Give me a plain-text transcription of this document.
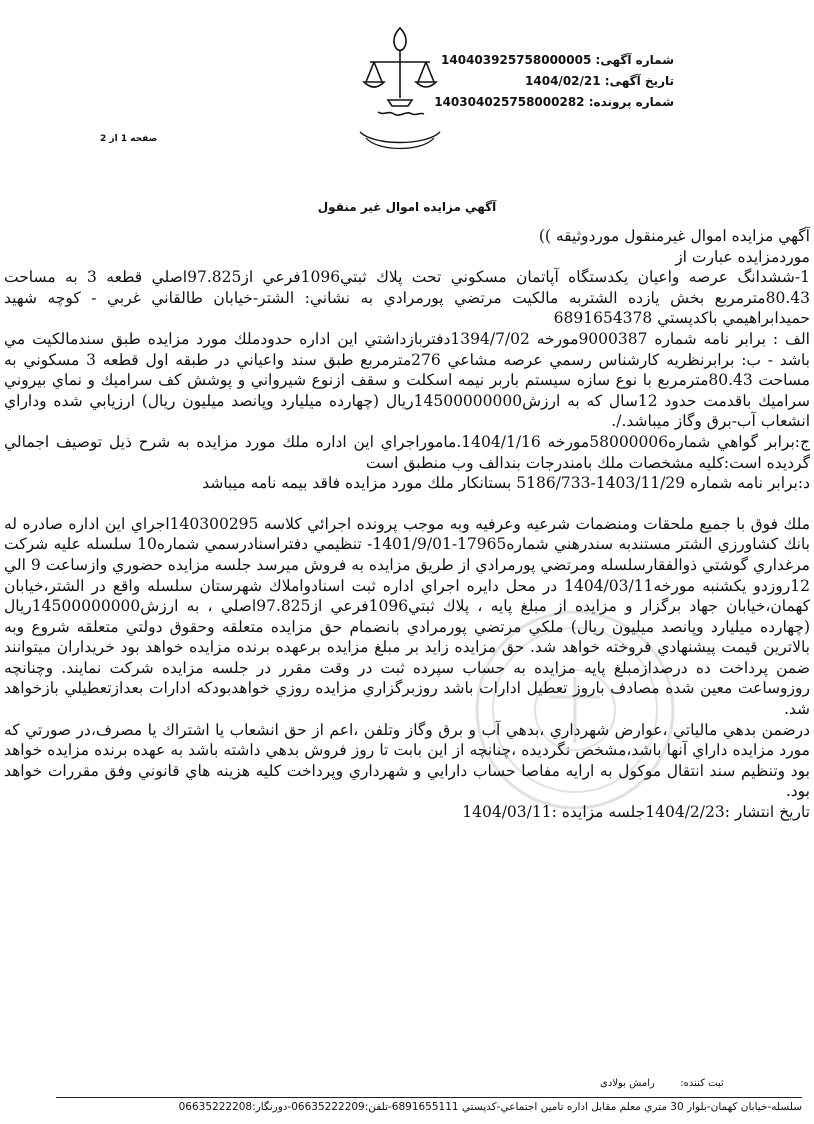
شماره آگهی: 140403925758000005
تاریخ آگهی: 1404/02/21
شماره پرونده: 140304025758000282
صفحه 1 از 2
آگهي مزايده اموال غير منقول

آگهي مزايده اموال غيرمنقول موردوثيقه ))

موردمزايده عبارت از

1-ششدانگ عرصه واعيان يكدستگاه آپاتمان مسكوني تحت پلاك ثبتي1096فرعي از97.825اصلي قطعه 3 به مساحت 80.43مترمربع بخش يازده الشتربه مالكيت مرتضي پورمرادي به نشاني: الشتر-خيابان طالقاني غربي - كوچه شهيد حميدابراهيمي باكدپستي 6891654378

الف : برابر نامه شماره 9000387مورخه 1394/7/02دفتربازداشتي اين اداره حدودملك مورد مزايده طبق سندمالكيت مي باشد - ب: برابرنظريه كارشناس رسمي عرصه مشاعي 276مترمربع طبق سند واعياني در طبقه اول قطعه 3 مسكوني به مساحت 80.43مترمربع با نوع سازه سيستم باربر نيمه اسكلت و سقف ازنوع شيرواني و پوشش كف سراميك و نماي بيروني سراميك باقدمت حدود 12سال كه به ارزش14500000000ريال (چهارده ميليارد وپانصد ميليون ريال) ارزيابي شده وداراي انشعاب آب-برق وگاز ميباشد./.

ج:برابر گواهي شماره58000006مورخه 1404/1/16.ماموراجراي اين اداره ملك مورد مزايده به شرح ذيل توصيف اجمالي گرديده است:كليه مشخصات ملك بامندرجات بندالف وب منطبق است

د:برابر نامه شماره 1403/11/29-5186/733 بستانكار ملك مورد مزايده فاقد بيمه نامه ميباشد

ملك فوق با جميع ملحقات ومنضمات شرعيه وعرفيه وبه موجب پرونده اجرائي كلاسه 140300295اجراي اين اداره صادره له بانك كشاورزي الشتر مستندبه سندرهني شماره17965-1401/9/01- تنظيمي دفتراسنادرسمي شماره10 سلسله عليه شركت مرغداري گوشتي ذوالفقارسلسله ومرتضي پورمرادي از طريق مزايده به فروش ميرسد جلسه مزايده حضوري وازساعت 9 الي 12روزدو يكشنبه مورخه1404/03/11 در محل دايره اجراي اداره ثبت اسنادواملاك شهرستان سلسله واقع در الشتر،خيابان كهمان،خيابان جهاد برگزار و مزايده از مبلغ پايه ، پلاك ثبتي1096فرعي از97.825اصلي ، به ارزش14500000000ريال (چهارده ميليارد وپانصد ميليون ريال) ملكي مرتضي پورمرادي بانضمام حق مزايده متعلقه وحقوق دولتي متعلقه شروع وبه بالاترين قيمت پيشنهادي فروخته خواهد شد. حق مزايده زايد بر مبلغ مزايده برعهده برنده مزايده خواهد بود خريداران ميتوانند ضمن پرداخت ده درصدازمبلغ پايه مزايده به حساب سپرده ثبت در وقت مقرر در جلسه مزايده شركت نمايند. وچنانچه روزوساعت معين شده مصادف باروز تعطيل ادارات باشد روزبرگزاري مزايده روزي خواهدبودكه ادارات بعدازتعطيلي بازخواهد شد.

درضمن بدهي مالياتي ،عوارض شهرداري ،بدهي آب و برق وگاز وتلفن ،اعم از حق انشعاب يا اشتراك يا مصرف،در صورتي كه مورد مزايده داراي آنها باشد،مشخص نگرديده ،چنانچه از اين بابت تا روز فروش بدهي داشته باشد به عهده برنده مزايده خواهد بود وتنظيم سند انتقال موكول به ارايه مفاصا حساب دارايي و شهرداري وپرداخت كليه هزينه هاي قانوني وفق مقررات خواهد بود.

تاريخ انتشار :1404/2/23جلسه مزايده :1404/03/11

ثبت کننده:        رامش بولادی
سلسله-خيابان كهمان-بلوار 30 متري معلم مقابل اداره تامين اجتماعي-كدپستي 6891655111-تلفن:06635222209-دورنگار:06635222208
